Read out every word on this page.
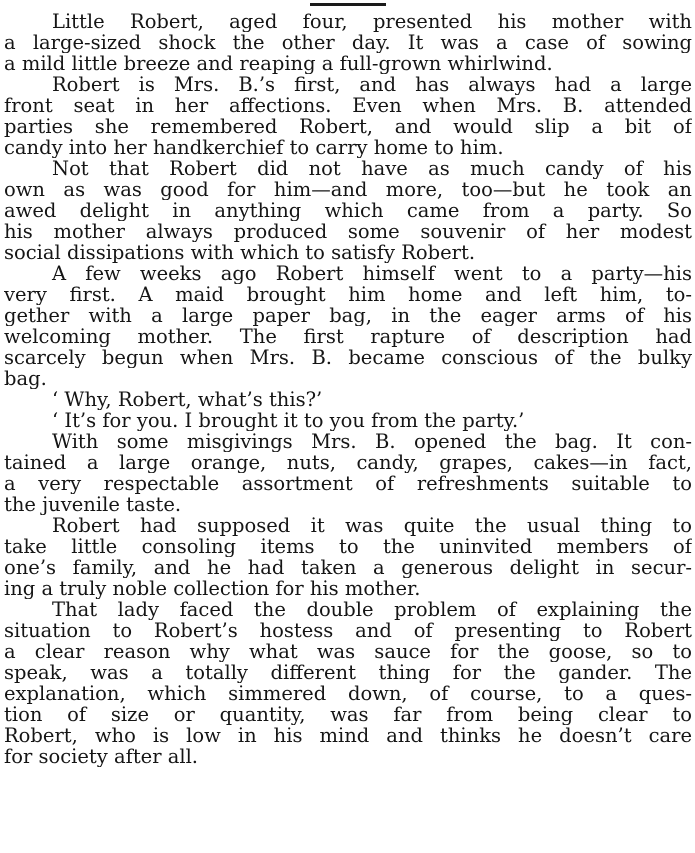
Little Robert, aged four, presented his mother with
a large-sized shock the other day. It was a case of sowing
a mild little breeze and reaping a full-grown whirlwind.
Robert is Mrs. B.’s first, and has always had a large
front seat in her affections. Even when Mrs. B. attended
parties she remembered Robert, and would slip a bit of
candy into her handkerchief to carry home to him.
Not that Robert did not have as much candy of his
own as was good for him—and more, too—but he took an
awed delight in anything which came from a party. So
his mother always produced some souvenir of her modest
social dissipations with which to satisfy Robert.
A few weeks ago Robert himself went to a party—his
very first. A maid brought him home and left him, to-
gether with a large paper bag, in the eager arms of his
welcoming mother. The first rapture of description had
scarcely begun when Mrs. B. became conscious of the bulky
bag.
‘ Why, Robert, what’s this?’
‘ It’s for you. I brought it to you from the party.’
With some misgivings Mrs. B. opened the bag. It con-
tained a large orange, nuts, candy, grapes, cakes—in fact,
a very respectable assortment of refreshments suitable to
the juvenile taste.
Robert had supposed it was quite the usual thing to
take little consoling items to the uninvited members of
one’s family, and he had taken a generous delight in secur-
ing a truly noble collection for his mother.
That lady faced the double problem of explaining the
situation to Robert’s hostess and of presenting to Robert
a clear reason why what was sauce for the goose, so to
speak, was a totally different thing for the gander. The
explanation, which simmered down, of course, to a ques-
tion of size or quantity, was far from being clear to
Robert, who is low in his mind and thinks he doesn’t care
for society after all.
